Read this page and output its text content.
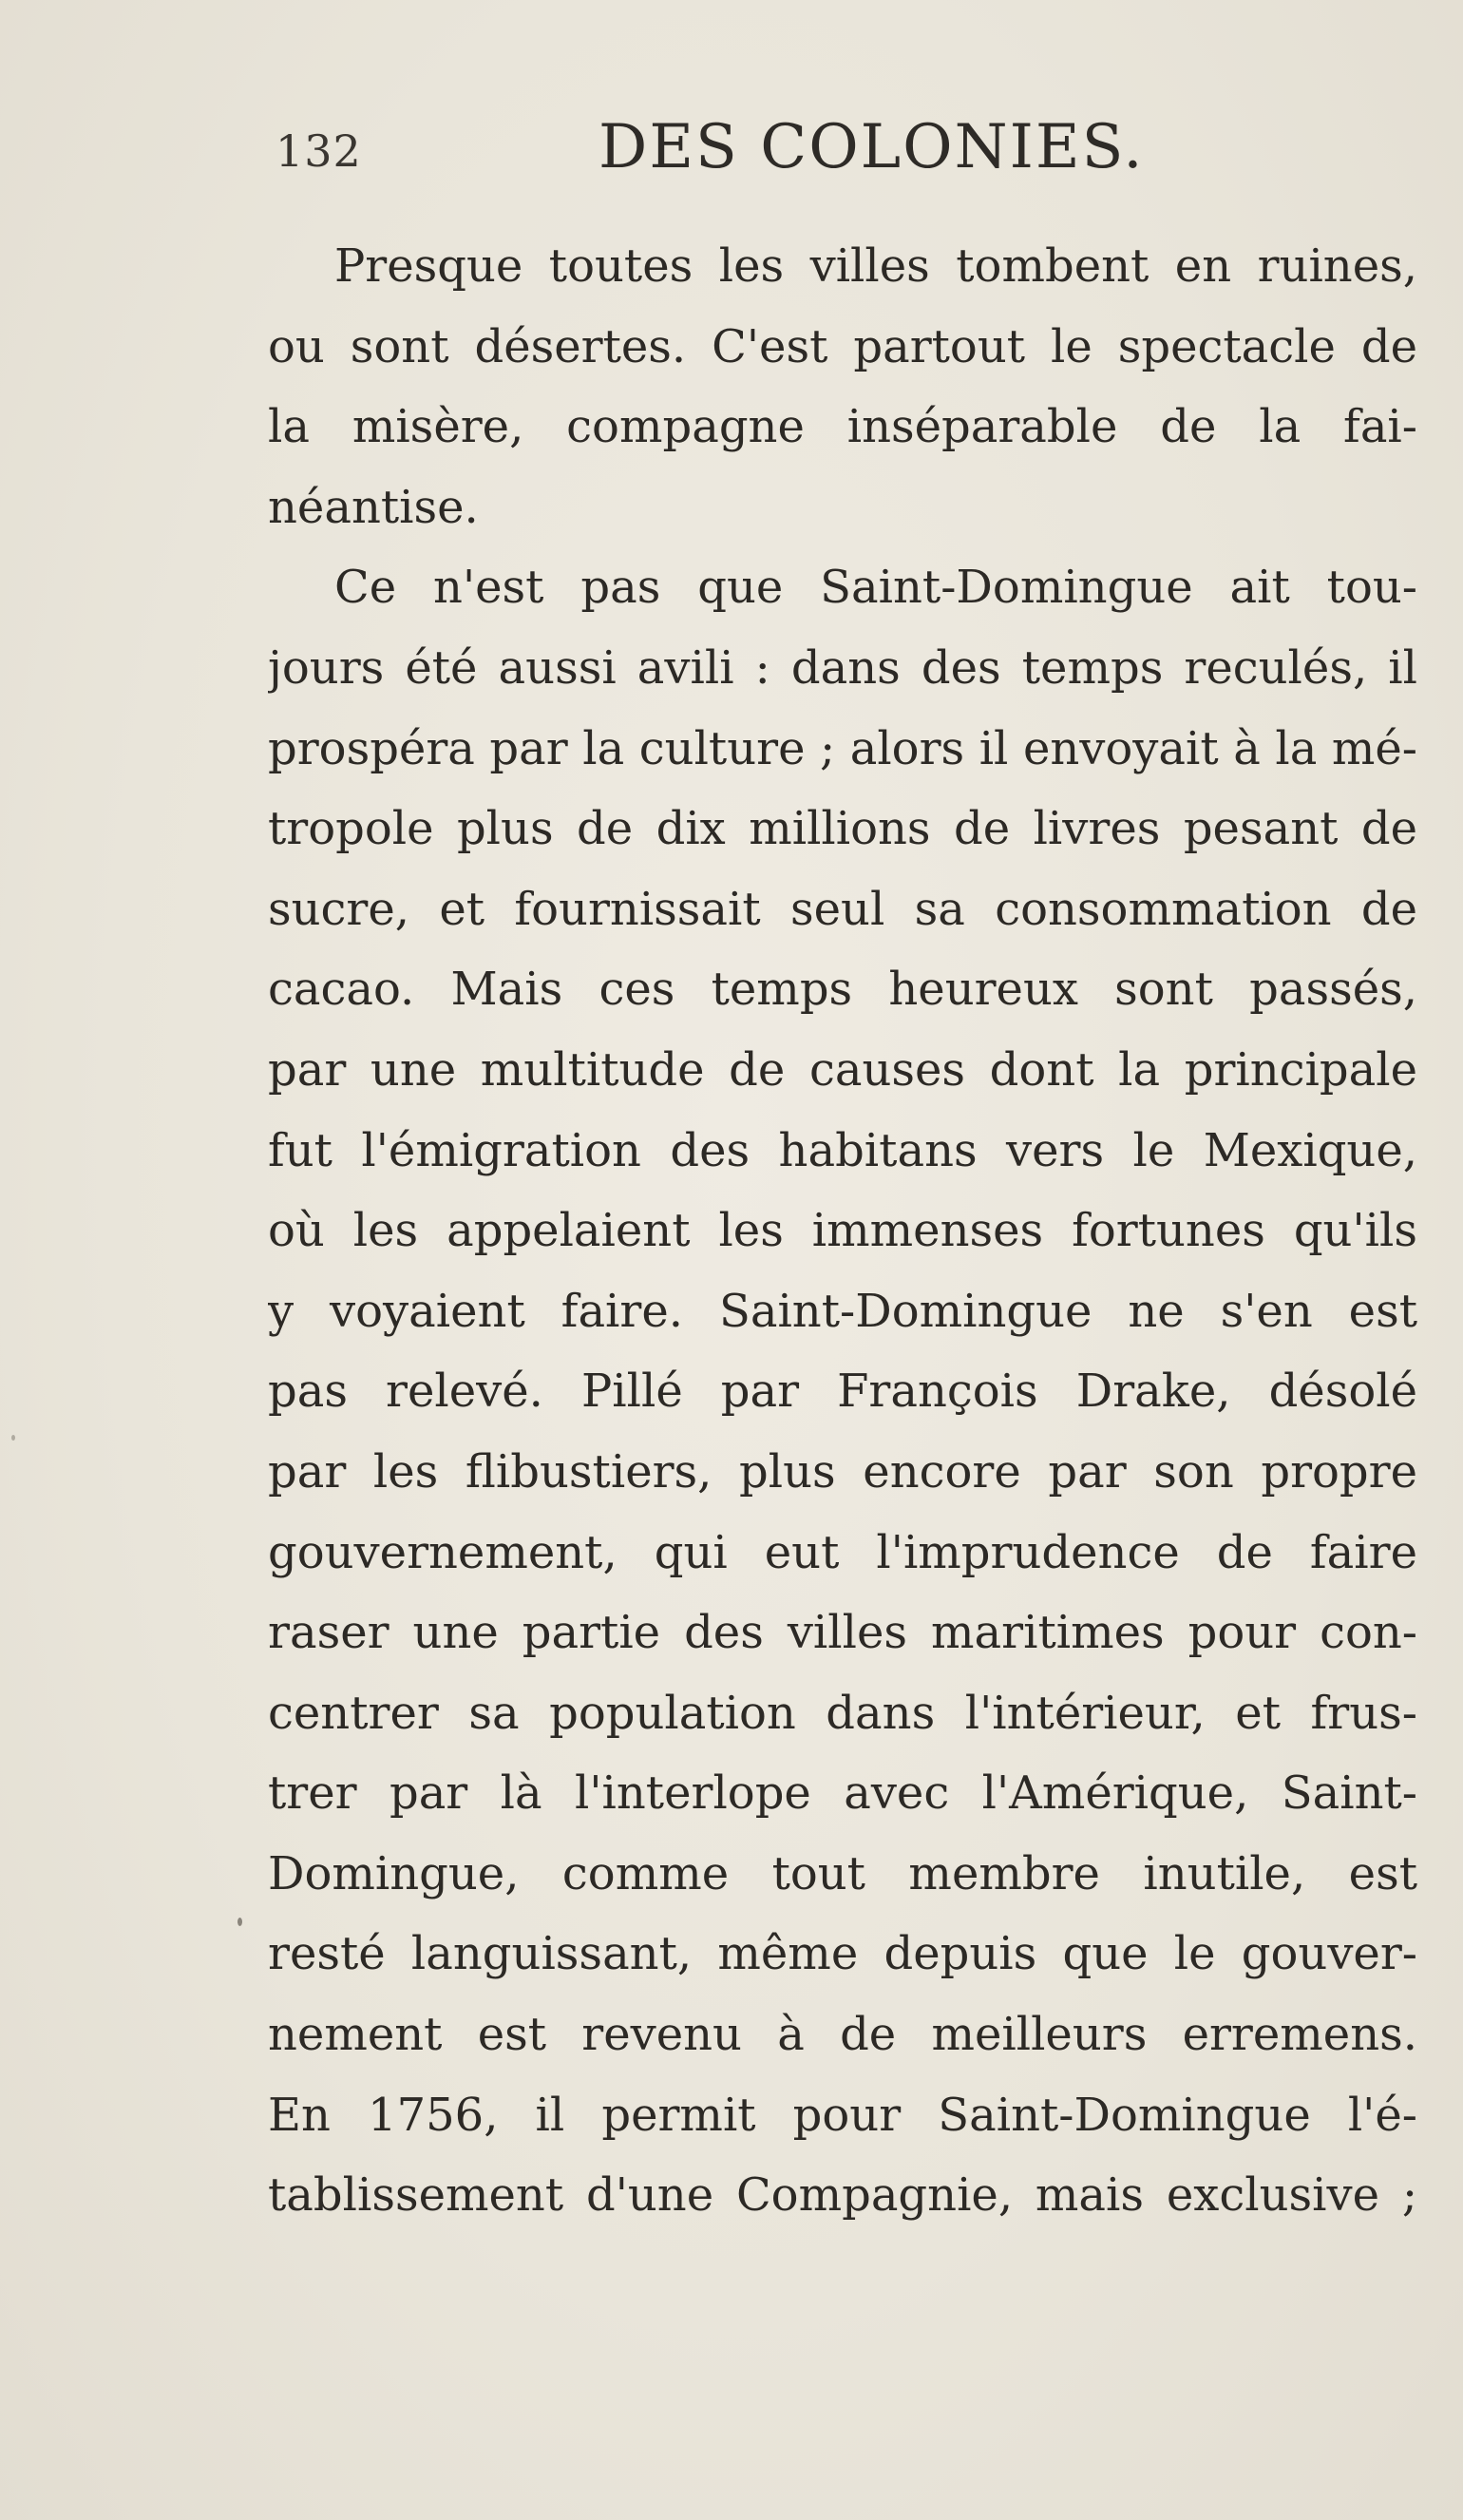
132	DES COLONIES.
Presque toutes les villes tombent en ruines,
ou sont désertes. C'est partout le spectacle de
la misère, compagne inséparable de la fai-
néantise.
Ce n'est pas que Saint-Domingue ait tou-
jours été aussi avili : dans des temps reculés, il
prospéra par la culture ; alors il envoyait à la mé-
tropole plus de dix millions de livres pesant de
sucre, et fournissait seul sa consommation de
cacao. Mais ces temps heureux sont passés,
par une multitude de causes dont la principale
fut l'émigration des habitans vers le Mexique,
où les appelaient les immenses fortunes qu'ils
y voyaient faire. Saint-Domingue ne s'en est
pas relevé. Pillé par François Drake, désolé
par les flibustiers, plus encore par son propre
gouvernement, qui eut l'imprudence de faire
raser une partie des villes maritimes pour con-
centrer sa population dans l'intérieur, et frus-
trer par là l'interlope avec l'Amérique, Saint-
Domingue, comme tout membre inutile, est
resté languissant, même depuis que le gouver-
nement est revenu à de meilleurs erremens.
En 1756, il permit pour Saint-Domingue l'é-
tablissement d'une Compagnie, mais exclusive ;
